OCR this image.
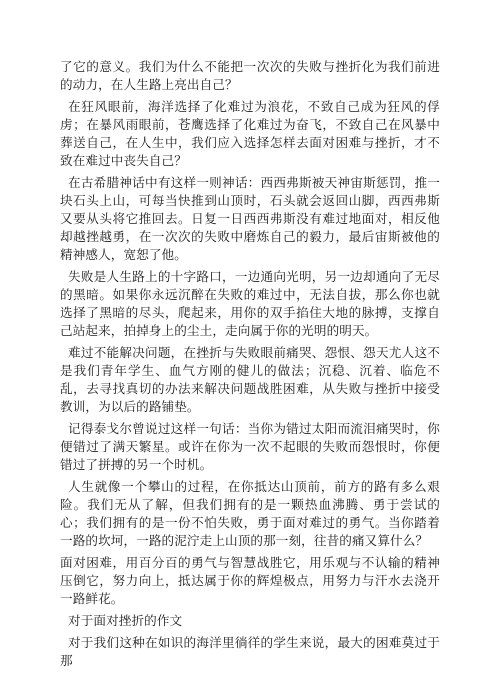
了它的意义。我们为什么不能把一次次的失败与挫折化为我们前进的动力，在人生路上亮出自己？

在狂风眼前，海洋选择了化难过为浪花，不致自己成为狂风的俘虏；在暴风雨眼前，苍鹰选择了化难过为奋飞，不致自己在风暴中葬送自己，在人生中，我们应入选择怎样去面对困难与挫折，才不致在难过中丧失自己？

在古希腊神话中有这样一则神话：西西弗斯被天神宙斯惩罚，推一块石头上山，可每当快推到山顶时，石头就会返回山脚，西西弗斯又要从头将它推回去。日复一日西西弗斯没有难过地面对，相反他却越挫越勇，在一次次的失败中磨炼自己的毅力，最后宙斯被他的精神感人，宽恕了他。

失败是人生路上的十字路口，一边通向光明，另一边却通向了无尽的黑暗。如果你永远沉醉在失败的难过中，无法自拔，那么你也就选择了黑暗的尽头，爬起来，用你的双手掐住大地的脉搏，支撑自己站起来，拍掉身上的尘土，走向属于你的光明的明天。

难过不能解决问题，在挫折与失败眼前痛哭、怨恨、怨天尤人这不是我们青年学生、血气方刚的健儿的做法；沉稳、沉着、临危不乱，去寻找真切的办法来解决问题战胜困难，从失败与挫折中接受教训，为以后的路铺垫。

记得泰戈尔曾说过这样一句话：当你为错过太阳而流泪痛哭时，你便错过了满天繁星。或许在你为一次不起眼的失败而怨恨时，你便错过了拼搏的另一个时机。

人生就像一个攀山的过程，在你抵达山顶前，前方的路有多么艰险。我们无从了解，但我们拥有的是一颗热血沸腾、勇于尝试的心；我们拥有的是一份不怕失败，勇于面对难过的勇气。当你踏着一路的坎坷，一路的泥泞走上山顶的那一刻，往昔的痛又算什么？

面对困难，用百分百的勇气与智慧战胜它，用乐观与不认输的精神压倒它，努力向上，抵达属于你的辉煌极点，用努力与汗水去浇开一路鲜花。

对于面对挫折的作文

对于我们这种在如识的海洋里徜徉的学生来说，最大的困难莫过于那
